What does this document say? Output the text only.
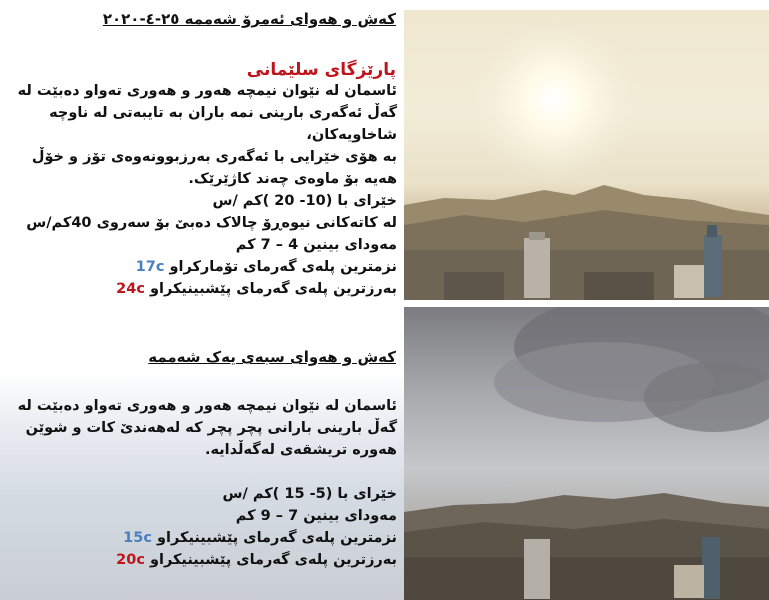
کەش و هەوای ئەمرۆ شەممە ٢٥-٤-٢٠٢٠
پارێزگای سلێمانی
ئاسمان لە نێوان نیمچە هەور و هەوری تەواو دەبێت لە
گەڵ ئەگەری بارینی نمە باران بە تایبەتی لە ناوچە
شاخاویەکان،
بە هۆی خێرایی با ئەگەری بەرزبوونەوەی تۆز و خۆڵ
هەیە بۆ ماوەی چەند کاژێرێک.
خێرای با (10- 20 )کم /س
لە کاتەکانی نیوەڕۆ چالاک دەبێ بۆ سەروی 40کم/س
مەودای بینین 4 – 7 کم
نزمترین پلەی گەرمای تۆمارکراو 17c
بەرزترین پلەی گەرمای پێشبینیکراو 24c
کەش و هەوای سبەی یەک شەممە
ئاسمان لە نێوان نیمچە هەور و هەوری تەواو دەبێت لە
گەڵ بارینی بارانی پچر پچر کە لەهەندێ کات و شوێن
هەورە تریشقەی لەگەڵدایە.
خێرای با (5- 15 )کم /س
مەودای بینین 7 – 9 کم
نزمترین پلەی گەرمای پێشبینیکراو 15c
بەرزترین پلەی گەرمای پێشبینیکراو 20c
